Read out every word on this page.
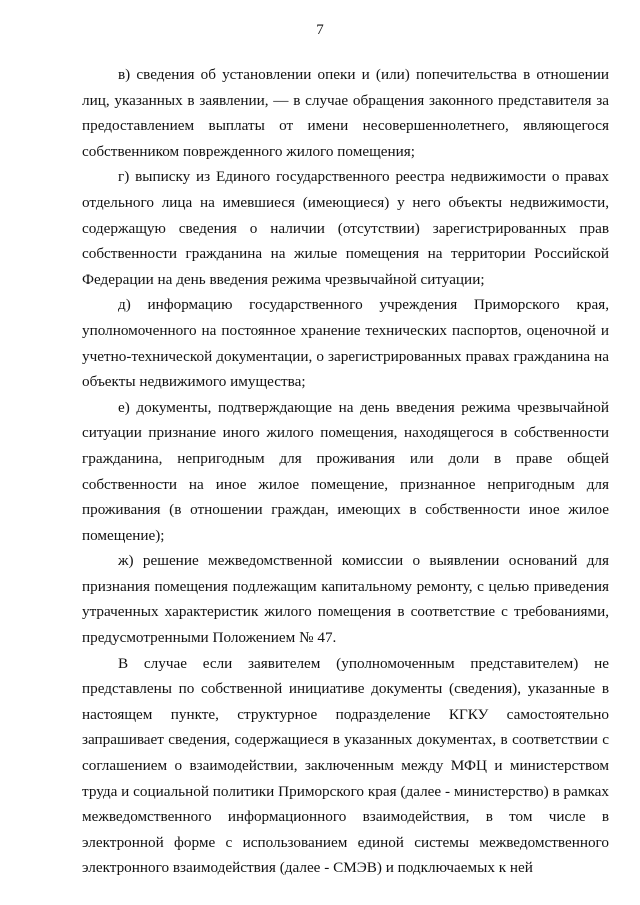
7

в) сведения об установлении опеки и (или) попечительства в отношении лиц, указанных в заявлении, — в случае обращения законного представителя за предоставлением выплаты от имени несовершеннолетнего, являющегося собственником поврежденного жилого помещения;

г) выписку из Единого государственного реестра недвижимости о правах отдельного лица на имевшиеся (имеющиеся) у него объекты недвижимости, содержащую сведения о наличии (отсутствии) зарегистрированных прав собственности гражданина на жилые помещения на территории Российской Федерации на день введения режима чрезвычайной ситуации;

д) информацию государственного учреждения Приморского края, уполномоченного на постоянное хранение технических паспортов, оценочной и учетно-технической документации, о зарегистрированных правах гражданина на объекты недвижимого имущества;

е) документы, подтверждающие на день введения режима чрезвычайной ситуации признание иного жилого помещения, находящегося в собственности гражданина, непригодным для проживания или доли в праве общей собственности на иное жилое помещение, признанное непригодным для проживания (в отношении граждан, имеющих в собственности иное жилое помещение);

ж) решение межведомственной комиссии о выявлении оснований для признания помещения подлежащим капитальному ремонту, с целью приведения утраченных характеристик жилого помещения в соответствие с требованиями, предусмотренными Положением № 47.

В случае если заявителем (уполномоченным представителем) не представлены по собственной инициативе документы (сведения), указанные в настоящем пункте, структурное подразделение КГКУ самостоятельно запрашивает сведения, содержащиеся в указанных документах, в соответствии с соглашением о взаимодействии, заключенным между МФЦ и министерством труда и социальной политики Приморского края (далее - министерство) в рамках межведомственного информационного взаимодействия, в том числе в электронной форме с использованием единой системы межведомственного электронного взаимодействия (далее - СМЭВ) и подключаемых к ней
